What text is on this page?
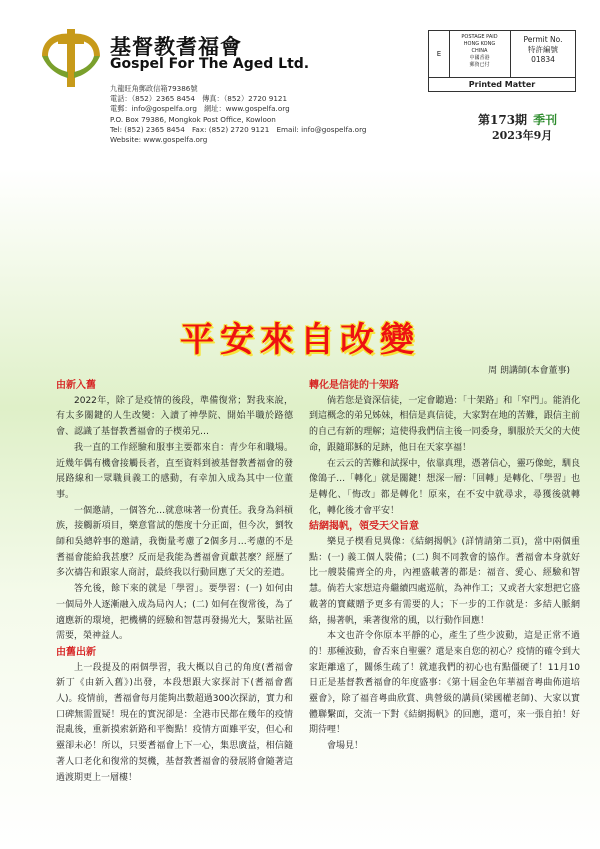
基督教耆福會
Gospel For The Aged Ltd.
九龍旺角郵政信箱79386號
電話：（852）2365 8454　傳真：（852）2720 9121
電郵：info@gospelfa.org　網址：www.gospelfa.org
P.O. Box 79386, Mongkok Post Office, Kowloon
Tel: (852) 2365 8454　Fax: (852) 2720 9121　Email: info@gospelfa.org
Website: www.gospelfa.org
E
POSTAGE PAID
HONG KONG
CHINA
中國香港
郵資已付
Permit No.
特許編號
01834
Printed Matter
第173期 季刊
2023年9月
平安來自改變
周 朗講師(本會董事)

由新入舊

2022年，除了是疫情的後段，準備復常；對我來說，有太多關鍵的人生改變：入讀了神學院、開始半職於路德會、認識了基督教耆福會的子楔弟兄…

我一直的工作經驗和服事主要都來自：青少年和職場。近幾年偶有機會接觸長者，直至資料到被基督教耆福會的發展路線和一眾職員義工的感動，有幸加入成為其中一位董事。

一個邀請，一個答允…就意味著一份責任。我身為斜槓族，接觸新項目，樂意嘗試的態度十分正面，但今次，劉牧師和吳總幹事的邀請，我衡量考慮了2個多月…考慮的不是耆福會能給我甚麼？反而是我能為耆福會貢獻甚麼？經歷了多次禱告和跟家人商討，最終我以行動回應了天父的差遣。

答允後，餘下來的就是「學習」。要學習：(一) 如何由一個局外人逐漸融入成為局內人；(二) 如何在復常後，為了適應新的環境，把機構的經驗和智慧再發揚光大，緊貼社區需要，榮神益人。

由舊出新

上一段提及的兩個學習，我大概以自己的角度(耆福會新丁《由新入舊》)出發，本段想跟大家探討下(耆福會舊人)。疫情前，耆福會每月能夠出數超過300次探訪，實力和口碑無需置疑！現在的實況卻是：全港市民都在幾年的疫情混亂後，重新摸索新路和平衡點！疫情方面雖平安，但心和靈卻未必！所以，只要耆福會上下一心，集思廣益，相信隨著人口老化和復常的契機，基督教耆福會的發展將會隨著這過渡期更上一層樓！

轉化是信徒的十架路

倘若您是資深信徒，一定會聽過：「十架路」和「窄門」。能消化到這概念的弟兄姊妹，相信是真信徒，大家對在地的苦難，跟信主前的自己有新的理解；這使得我們信主後一同委身，馴服於天父的大使命，跟隨耶穌的足跡，他日在天家享福！

在云云的苦難和試探中，依靠真理，憑著信心，靈巧像蛇，馴良像鴿子…「轉化」就是關鍵！想深一層：「回轉」是轉化、「學習」也是轉化、「悔改」都是轉化！原來，在不安中就尋求，尋獲後就轉化，轉化後才會平安！

結網揭帆，領受天父旨意

樂見子楔看見異像：《結網揭帆》(詳情請第二頁)，當中兩個重點：(一) 義工個人裝備；(二) 與不同教會的協作。耆福會本身就好比一艘裝備齊全的舟，內裡盛載著的都是：福音、愛心、經驗和智慧。倘若大家想這舟繼續四處巡航，為神作工；又或者大家想把它盛載著的寶藏贈予更多有需要的人；下一步的工作就是：多結人脈網絡，揚著帆，乘著復常的風，以行動作回應！

本文也許令你原本平靜的心，產生了些少波動，這是正常不過的！那種波動，會否來自聖靈？還是來自您的初心？疫情的確令到大家距離遠了，關係生疏了！就連我們的初心也有點僵硬了！11月10日正是基督教耆福會的年度盛事：《第十屆金色年華福音粵曲佈道培靈會》，除了福音粵曲欣賞、典營級的講員(梁國權老師)、大家以實體聯繫面，交流一下對《結網揭帆》的回應，還可，來一張自拍！好期待哩！

會場見！
